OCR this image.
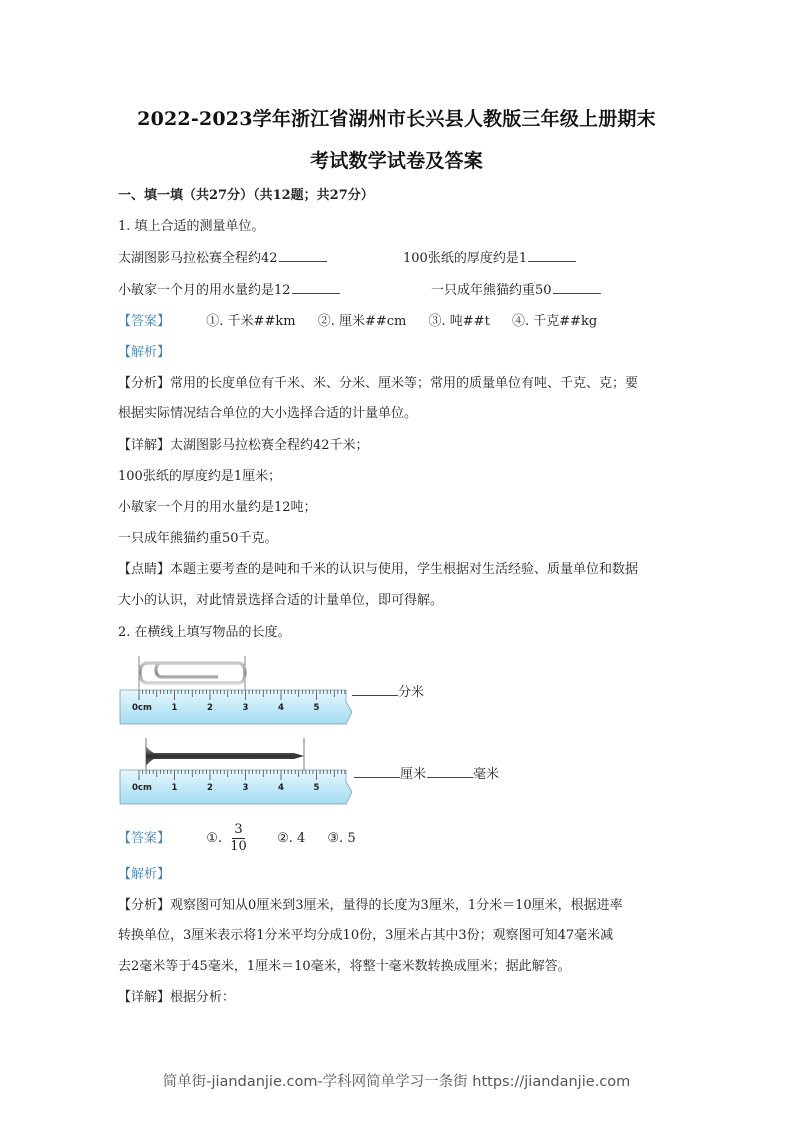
2022-2023学年浙江省湖州市长兴县人教版三年级上册期末
考试数学试卷及答案
一、填一填（共27分）（共12题；共27分）
1. 填上合适的测量单位。
太湖图影马拉松赛全程约42	100张纸的厚度约是1
小敏家一个月的用水量约是12	一只成年熊猫约重50
【答案】	①. 千米##km ②. 厘米##cm ③. 吨##t ④. 千克##kg
【解析】
【分析】常用的长度单位有千米、米、分米、厘米等；常用的质量单位有吨、千克、克；要
根据实际情况结合单位的大小选择合适的计量单位。
【详解】太湖图影马拉松赛全程约42千米；
100张纸的厚度约是1厘米；
小敏家一个月的用水量约是12吨；
一只成年熊猫约重50千克。
【点睛】本题主要考查的是吨和千米的认识与使用，学生根据对生活经验、质量单位和数据
大小的认识，对此情景选择合适的计量单位，即可得解。
2. 在横线上填写物品的长度。
0cm 1	2	3	4	5
分米
0cm 1	2	3	4	5
厘米	毫米
【答案】	①. $\frac{3}{10}$ ②. 4 ③. 5
【解析】
【分析】观察图可知从0厘米到3厘米，量得的长度为3厘米，1分米＝10厘米，根据进率
转换单位，3厘米表示将1分米平均分成10份，3厘米占其中3份；观察图可知47毫米减
去2毫米等于45毫米，1厘米＝10毫米，将整十毫米数转换成厘米；据此解答。
【详解】根据分析：
简单街-jiandanjie.com-学科网简单学习一条街 https://jiandanjie.com
